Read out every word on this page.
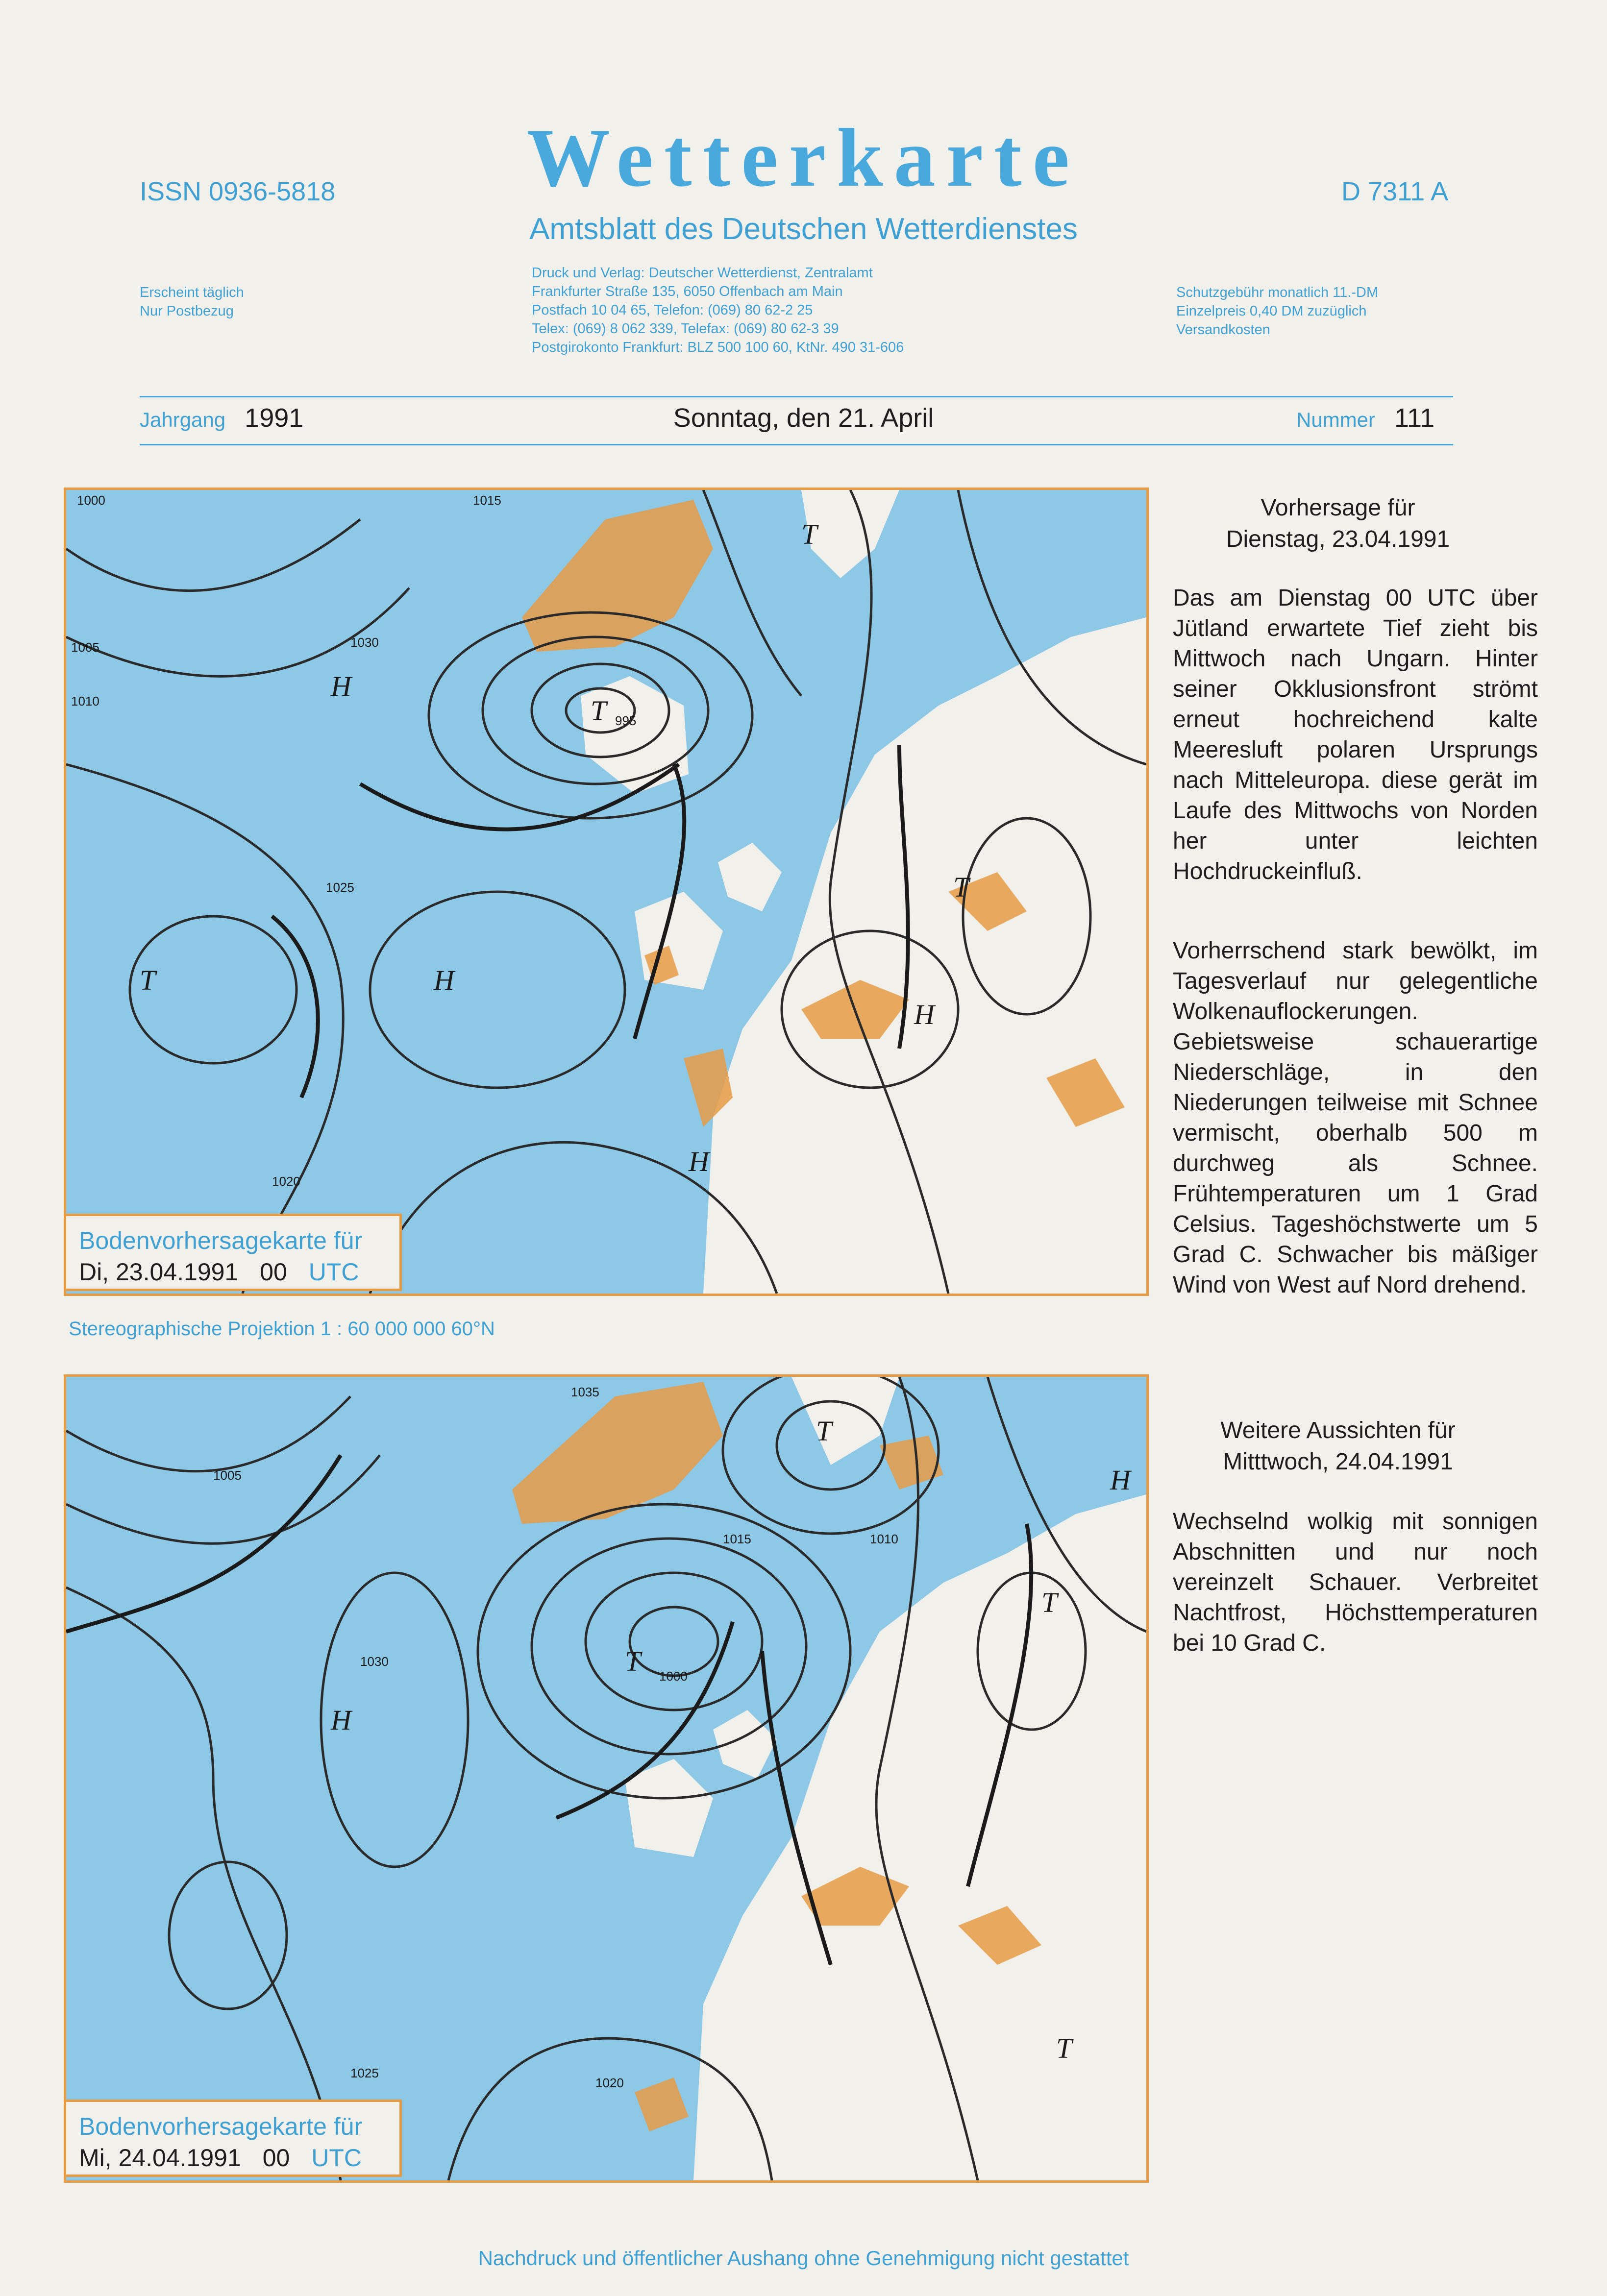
Wetterkarte
Amtsblatt des Deutschen Wetterdienstes
ISSN 0936-5818	D 7311 A
Erscheint täglich
Nur Postbezug
Druck und Verlag: Deutscher Wetterdienst, Zentralamt
Frankfurter Straße 135, 6050 Offenbach am Main
Postfach 10 04 65, Telefon: (069) 80 62-2 25
Telex: (069) 8 062 339, Telefax: (069) 80 62-3 39
Postgirokonto Frankfurt: BLZ 500 100 60, KtNr. 490 31-606
Schutzgebühr monatlich 11.-DM
Einzelpreis 0,40 DM zuzüglich
Versandkosten
Jahrgang 1991	Sonntag, den 21. April	Nummer 111
H
H
H
H
T
T
T
T
995
1000
1005
1010
1015
1020
1025
1030
Bodenvorhersagekarte für
Di, 23.04.1991 00 UTC
Stereographische Projektion 1 : 60 000 000 60°N
H
H
T
T
T
T
1000
1005
1010
1015
1020
1025
1030
1035
Bodenvorhersagekarte für
Mi, 24.04.1991 00 UTC
Vorhersage für
Dienstag, 23.04.1991
Das am Dienstag 00 UTC über Jütland erwartete Tief zieht bis Mittwoch nach Ungarn. Hinter seiner Okklusionsfront strömt erneut hochreichend kalte Meeresluft polaren Ursprungs nach Mitteleuropa. diese gerät im Laufe des Mittwochs von Norden her unter leichten Hochdruckeinfluß.
Vorherrschend stark bewölkt, im Tagesverlauf nur gelegentliche Wolkenauflockerungen. Gebietsweise schauerartige Niederschläge, in den Niederungen teilweise mit Schnee vermischt, oberhalb 500 m durchweg als Schnee. Frühtemperaturen um 1 Grad Celsius. Tageshöchstwerte um 5 Grad C. Schwacher bis mäßiger Wind von West auf Nord drehend.
Weitere Aussichten für
Mitttwoch, 24.04.1991
Wechselnd wolkig mit sonnigen Abschnitten und nur noch vereinzelt Schauer. Verbreitet Nachtfrost, Höchsttemperaturen bei 10 Grad C.
Nachdruck und öffentlicher Aushang ohne Genehmigung nicht gestattet
